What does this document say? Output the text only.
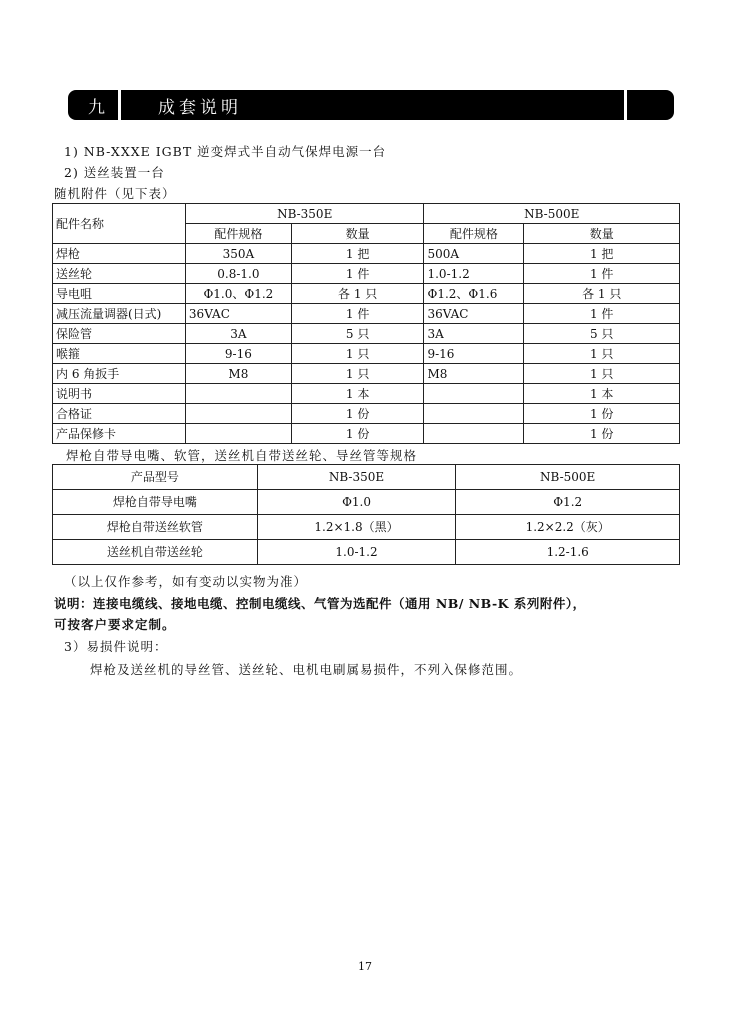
九	成套说明
1) NB-XXXE IGBT 逆变焊式半自动气保焊电源一台
2) 送丝装置一台
随机附件（见下表）
配件名称	NB-350E		NB-500E	
	配件规格	数量	配件规格	数量
焊枪	350A	1 把	500A	1 把
送丝轮	0.8-1.0	1 件	1.0-1.2	1 件
导电咀	Φ1.0、Φ1.2	各 1 只	Φ1.2、Φ1.6	各 1 只
减压流量调器(日式)	36VAC	1 件	36VAC	1 件
保险管	3A	5 只	3A	5 只
喉箍	9-16	1 只	9-16	1 只
内 6 角扳手	M8	1 只	M8	1 只
说明书		1 本		1 本
合格证		1 份		1 份
产品保修卡		1 份		1 份
焊枪自带导电嘴、软管，送丝机自带送丝轮、导丝管等规格
产品型号	NB-350E	NB-500E
焊枪自带导电嘴	Φ1.0	Φ1.2
焊枪自带送丝软管	1.2×1.8（黑）	1.2×2.2（灰）
送丝机自带送丝轮	1.0-1.2	1.2-1.6
（以上仅作参考，如有变动以实物为准）
说明：连接电缆线、接地电缆、控制电缆线、气管为选配件（通用 NB/ NB-K 系列附件），
可按客户要求定制。
3）易损件说明：
焊枪及送丝机的导丝管、送丝轮、电机电刷属易损件，不列入保修范围。
17
